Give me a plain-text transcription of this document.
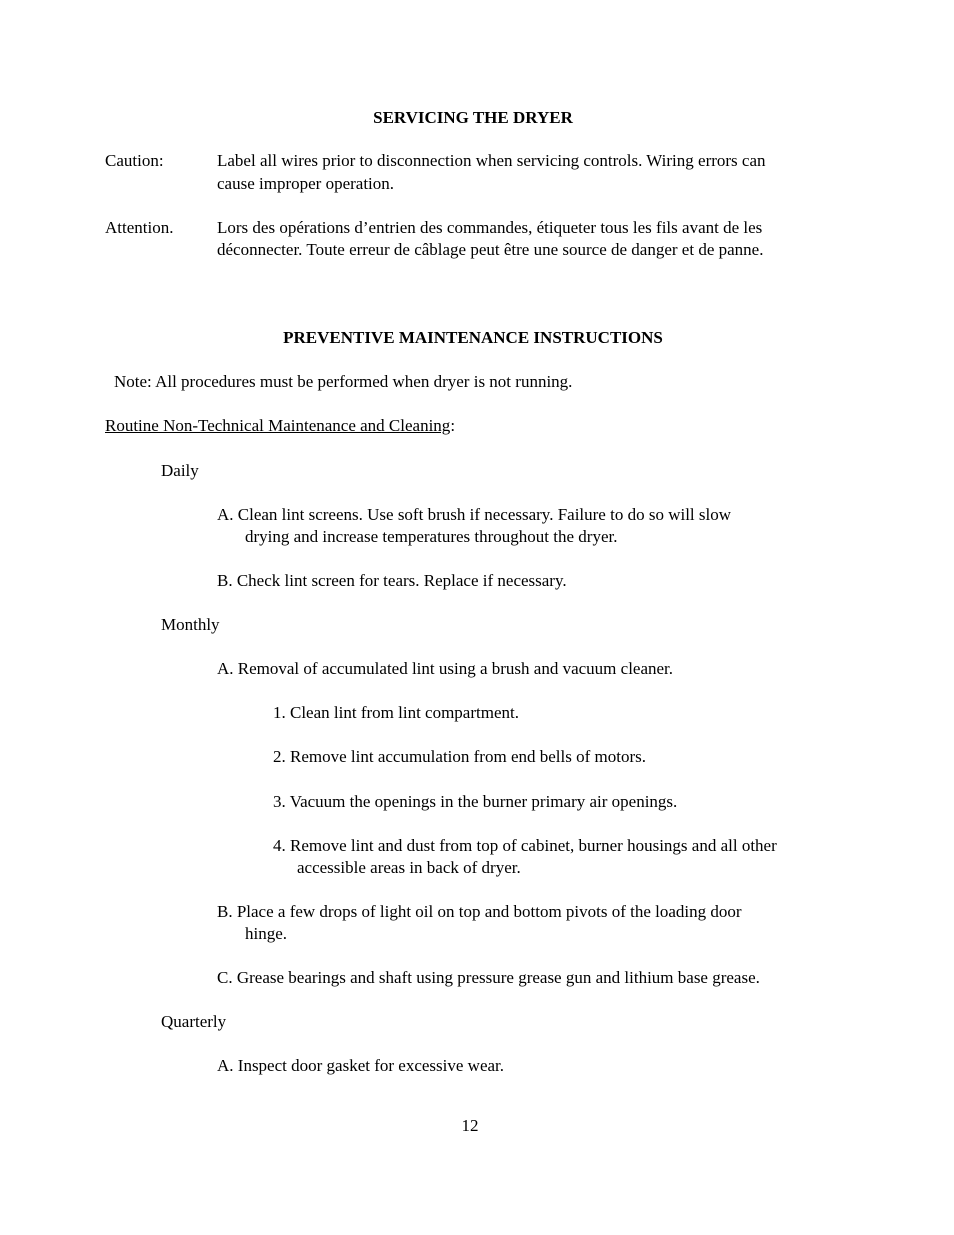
SERVICING THE DRYER
Caution:	Label all wires prior to disconnection when servicing controls. Wiring errors can
cause improper operation.
Attention.	Lors des opérations d’entrien des commandes, étiqueter tous les fils avant de les
déconnecter. Toute erreur de câblage peut être une source de danger et de panne.
PREVENTIVE MAINTENANCE INSTRUCTIONS
Note: All procedures must be performed when dryer is not running.
Routine Non-Technical Maintenance and Cleaning:
Daily
A. Clean lint screens. Use soft brush if necessary. Failure to do so will slow
drying and increase temperatures throughout the dryer.
B. Check lint screen for tears. Replace if necessary.
Monthly
A. Removal of accumulated lint using a brush and vacuum cleaner.
1. Clean lint from lint compartment.
2. Remove lint accumulation from end bells of motors.
3. Vacuum the openings in the burner primary air openings.
4. Remove lint and dust from top of cabinet, burner housings and all other
accessible areas in back of dryer.
B. Place a few drops of light oil on top and bottom pivots of the loading door
hinge.
C. Grease bearings and shaft using pressure grease gun and lithium base grease.
Quarterly
A. Inspect door gasket for excessive wear.
12
